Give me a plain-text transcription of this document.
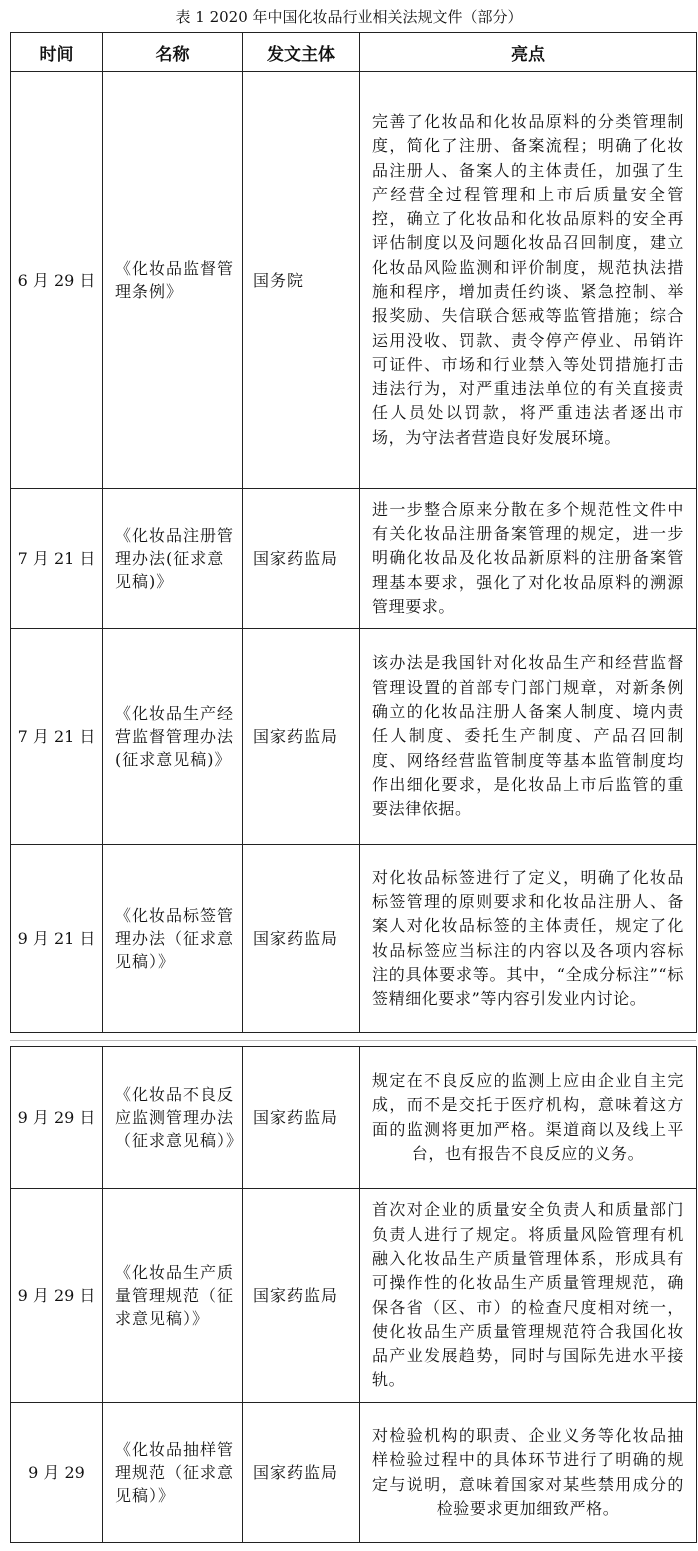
表 1 2020 年中国化妆品行业相关法规文件（部分）
时间	名称	发文主体	亮点
6 月 29 日	《化妆品监督管理条例》	国务院	完善了化妆品和化妆品原料的分类管理制度，简化了注册、备案流程；明确了化妆品注册人、备案人的主体责任，加强了生产经营全过程管理和上市后质量安全管控，确立了化妆品和化妆品原料的安全再评估制度以及问题化妆品召回制度，建立化妆品风险监测和评价制度，规范执法措施和程序，增加责任约谈、紧急控制、举报奖励、失信联合惩戒等监管措施；综合运用没收、罚款、责令停产停业、吊销许可证件、市场和行业禁入等处罚措施打击违法行为，对严重违法单位的有关直接责任人员处以罚款，将严重违法者逐出市场，为守法者营造良好发展环境。
7 月 21 日	《化妆品注册管理办法(征求意见稿)》	国家药监局	进一步整合原来分散在多个规范性文件中有关化妆品注册备案管理的规定，进一步明确化妆品及化妆品新原料的注册备案管理基本要求，强化了对化妆品原料的溯源管理要求。
7 月 21 日	《化妆品生产经营监督管理办法(征求意见稿)》	国家药监局	该办法是我国针对化妆品生产和经营监督管理设置的首部专门部门规章，对新条例确立的化妆品注册人备案人制度、境内责任人制度、委托生产制度、产品召回制度、网络经营监管制度等基本监管制度均作出细化要求，是化妆品上市后监管的重要法律依据。
9 月 21 日	《化妆品标签管理办法（征求意见稿）》	国家药监局	对化妆品标签进行了定义，明确了化妆品标签管理的原则要求和化妆品注册人、备案人对化妆品标签的主体责任，规定了化妆品标签应当标注的内容以及各项内容标注的具体要求等。其中，“全成分标注”“标签精细化要求”等内容引发业内讨论。
9 月 29 日	《化妆品不良反应监测管理办法（征求意见稿）》	国家药监局	规定在不良反应的监测上应由企业自主完成，而不是交托于医疗机构，意味着这方面的监测将更加严格。渠道商以及线上平台，也有报告不良反应的义务。
9 月 29 日	《化妆品生产质量管理规范（征求意见稿）》	国家药监局	首次对企业的质量安全负责人和质量部门负责人进行了规定。将质量风险管理有机融入化妆品生产质量管理体系，形成具有可操作性的化妆品生产质量管理规范，确保各省（区、市）的检查尺度相对统一，使化妆品生产质量管理规范符合我国化妆品产业发展趋势，同时与国际先进水平接轨。
9 月 29	《化妆品抽样管理规范（征求意见稿）》	国家药监局	对检验机构的职责、企业义务等化妆品抽样检验过程中的具体环节进行了明确的规定与说明，意味着国家对某些禁用成分的检验要求更加细致严格。
